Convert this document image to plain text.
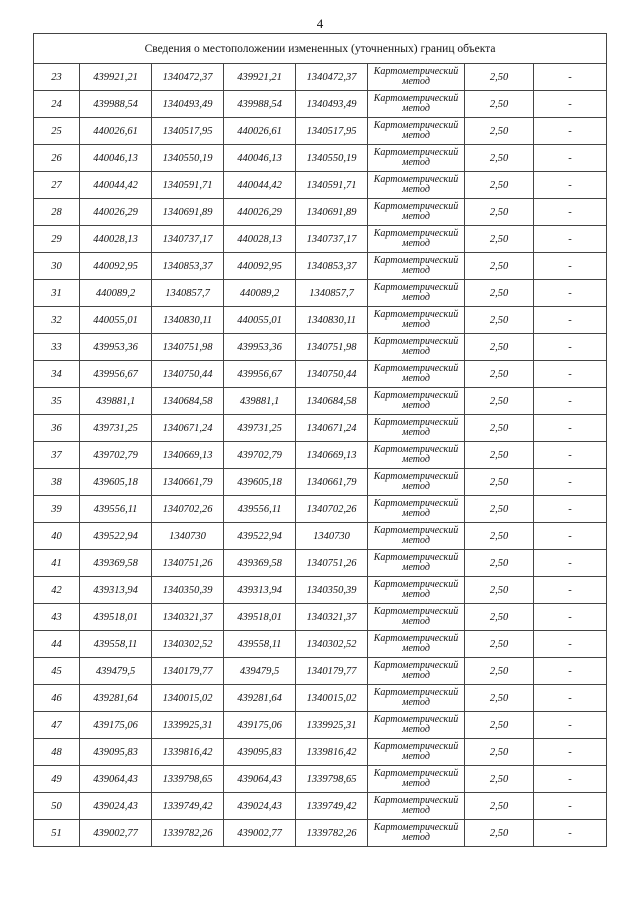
4
Сведения о местоположении измененных (уточненных) границ объекта							
23	439921,21	1340472,37	439921,21	1340472,37	Картометрический метод	2,50	-
24	439988,54	1340493,49	439988,54	1340493,49	Картометрический метод	2,50	-
25	440026,61	1340517,95	440026,61	1340517,95	Картометрический метод	2,50	-
26	440046,13	1340550,19	440046,13	1340550,19	Картометрический метод	2,50	-
27	440044,42	1340591,71	440044,42	1340591,71	Картометрический метод	2,50	-
28	440026,29	1340691,89	440026,29	1340691,89	Картометрический метод	2,50	-
29	440028,13	1340737,17	440028,13	1340737,17	Картометрический метод	2,50	-
30	440092,95	1340853,37	440092,95	1340853,37	Картометрический метод	2,50	-
31	440089,2	1340857,7	440089,2	1340857,7	Картометрический метод	2,50	-
32	440055,01	1340830,11	440055,01	1340830,11	Картометрический метод	2,50	-
33	439953,36	1340751,98	439953,36	1340751,98	Картометрический метод	2,50	-
34	439956,67	1340750,44	439956,67	1340750,44	Картометрический метод	2,50	-
35	439881,1	1340684,58	439881,1	1340684,58	Картометрический метод	2,50	-
36	439731,25	1340671,24	439731,25	1340671,24	Картометрический метод	2,50	-
37	439702,79	1340669,13	439702,79	1340669,13	Картометрический метод	2,50	-
38	439605,18	1340661,79	439605,18	1340661,79	Картометрический метод	2,50	-
39	439556,11	1340702,26	439556,11	1340702,26	Картометрический метод	2,50	-
40	439522,94	1340730	439522,94	1340730	Картометрический метод	2,50	-
41	439369,58	1340751,26	439369,58	1340751,26	Картометрический метод	2,50	-
42	439313,94	1340350,39	439313,94	1340350,39	Картометрический метод	2,50	-
43	439518,01	1340321,37	439518,01	1340321,37	Картометрический метод	2,50	-
44	439558,11	1340302,52	439558,11	1340302,52	Картометрический метод	2,50	-
45	439479,5	1340179,77	439479,5	1340179,77	Картометрический метод	2,50	-
46	439281,64	1340015,02	439281,64	1340015,02	Картометрический метод	2,50	-
47	439175,06	1339925,31	439175,06	1339925,31	Картометрический метод	2,50	-
48	439095,83	1339816,42	439095,83	1339816,42	Картометрический метод	2,50	-
49	439064,43	1339798,65	439064,43	1339798,65	Картометрический метод	2,50	-
50	439024,43	1339749,42	439024,43	1339749,42	Картометрический метод	2,50	-
51	439002,77	1339782,26	439002,77	1339782,26	Картометрический метод	2,50	-
